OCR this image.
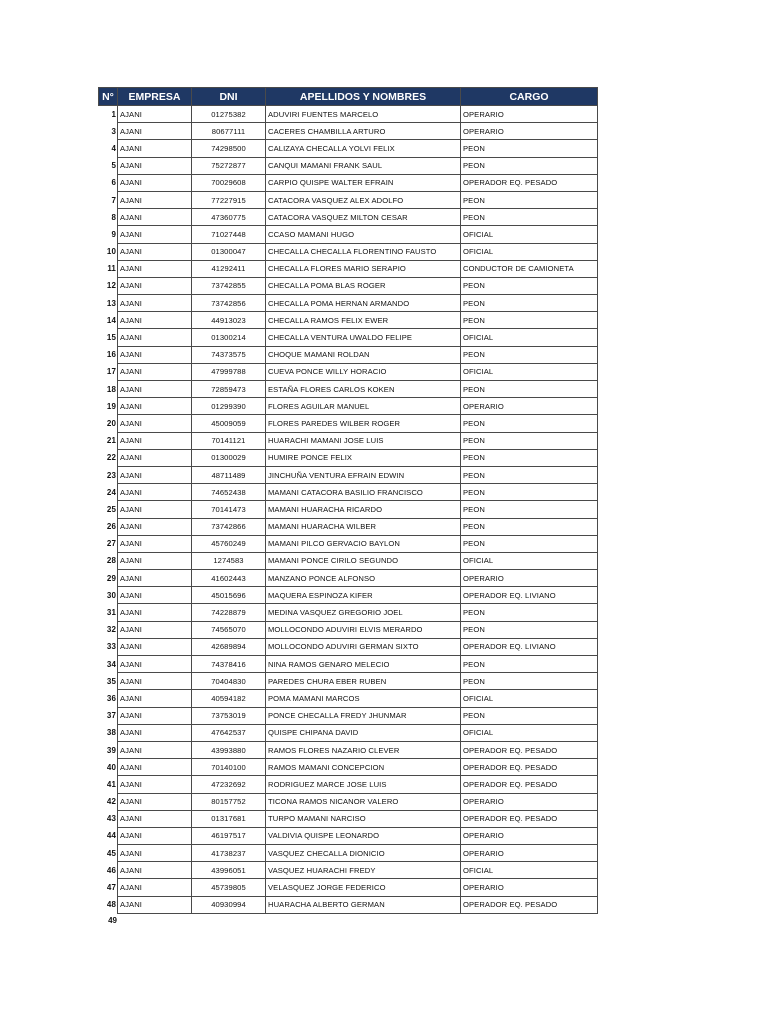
N°	EMPRESA	DNI	APELLIDOS Y NOMBRES	CARGO
1	AJANI	01275382	ADUVIRI FUENTES MARCELO	OPERARIO
3	AJANI	80677111	CACERES CHAMBILLA ARTURO	OPERARIO
4	AJANI	74298500	CALIZAYA CHECALLA YOLVI FELIX	PEON
5	AJANI	75272877	CANQUI MAMANI FRANK SAUL	PEON
6	AJANI	70029608	CARPIO QUISPE WALTER EFRAIN	OPERADOR EQ. PESADO
7	AJANI	77227915	CATACORA VASQUEZ ALEX ADOLFO	PEON
8	AJANI	47360775	CATACORA VASQUEZ MILTON CESAR	PEON
9	AJANI	71027448	CCASO MAMANI HUGO	OFICIAL
10	AJANI	01300047	CHECALLA CHECALLA FLORENTINO FAUSTO	OFICIAL
11	AJANI	41292411	CHECALLA FLORES MARIO SERAPIO	CONDUCTOR DE CAMIONETA
12	AJANI	73742855	CHECALLA POMA BLAS ROGER	PEON
13	AJANI	73742856	CHECALLA POMA HERNAN ARMANDO	PEON
14	AJANI	44913023	CHECALLA RAMOS FELIX EWER	PEON
15	AJANI	01300214	CHECALLA VENTURA UWALDO FELIPE	OFICIAL
16	AJANI	74373575	CHOQUE MAMANI ROLDAN	PEON
17	AJANI	47999788	CUEVA PONCE WILLY HORACIO	OFICIAL
18	AJANI	72859473	ESTAÑA FLORES CARLOS KOKEN	PEON
19	AJANI	01299390	FLORES AGUILAR MANUEL	OPERARIO
20	AJANI	45009059	FLORES PAREDES WILBER ROGER	PEON
21	AJANI	70141121	HUARACHI MAMANI JOSE LUIS	PEON
22	AJANI	01300029	HUMIRE PONCE FELIX	PEON
23	AJANI	48711489	JINCHUÑA VENTURA EFRAIN EDWIN	PEON
24	AJANI	74652438	MAMANI CATACORA BASILIO FRANCISCO	PEON
25	AJANI	70141473	MAMANI HUARACHA RICARDO	PEON
26	AJANI	73742866	MAMANI HUARACHA WILBER	PEON
27	AJANI	45760249	MAMANI PILCO GERVACIO BAYLON	PEON
28	AJANI	1274583	MAMANI PONCE CIRILO SEGUNDO	OFICIAL
29	AJANI	41602443	MANZANO PONCE ALFONSO	OPERARIO
30	AJANI	45015696	MAQUERA ESPINOZA KIFER	OPERADOR EQ. LIVIANO
31	AJANI	74228879	MEDINA VASQUEZ GREGORIO JOEL	PEON
32	AJANI	74565070	MOLLOCONDO ADUVIRI ELVIS MERARDO	PEON
33	AJANI	42689894	MOLLOCONDO ADUVIRI GERMAN SIXTO	OPERADOR EQ. LIVIANO
34	AJANI	74378416	NINA RAMOS GENARO MELECIO	PEON
35	AJANI	70404830	PAREDES CHURA EBER RUBEN	PEON
36	AJANI	40594182	POMA MAMANI MARCOS	OFICIAL
37	AJANI	73753019	PONCE CHECALLA FREDY JHUNMAR	PEON
38	AJANI	47642537	QUISPE CHIPANA DAVID	OFICIAL
39	AJANI	43993880	RAMOS FLORES NAZARIO CLEVER	OPERADOR EQ. PESADO
40	AJANI	70140100	RAMOS MAMANI CONCEPCION	OPERADOR EQ. PESADO
41	AJANI	47232692	RODRIGUEZ MARCE JOSE LUIS	OPERADOR EQ. PESADO
42	AJANI	80157752	TICONA RAMOS NICANOR VALERO	OPERARIO
43	AJANI	01317681	TURPO MAMANI NARCISO	OPERADOR EQ. PESADO
44	AJANI	46197517	VALDIVIA QUISPE LEONARDO	OPERARIO
45	AJANI	41738237	VASQUEZ CHECALLA DIONICIO	OPERARIO
46	AJANI	43996051	VASQUEZ HUARACHI FREDY	OFICIAL
47	AJANI	45739805	VELASQUEZ JORGE FEDERICO	OPERARIO
48	AJANI	40930994	HUARACHA ALBERTO GERMAN	OPERADOR EQ. PESADO
49
